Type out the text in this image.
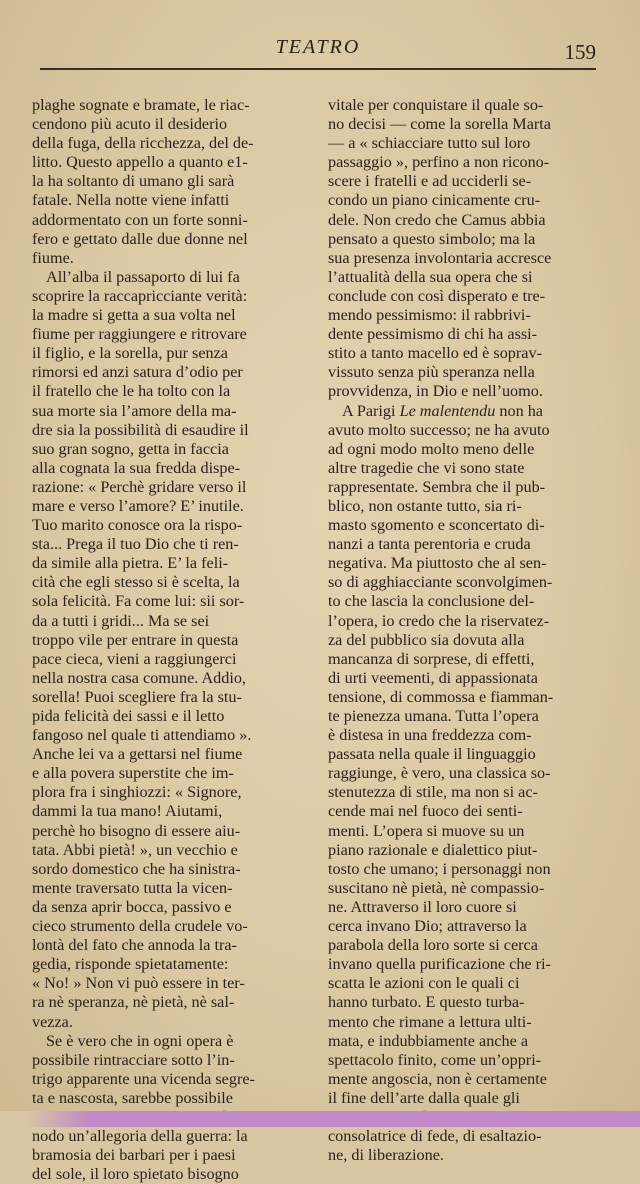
TEATRO	159
plaghe sognate e bramate, le riac-
cendono più acuto il desiderio
della fuga, della ricchezza, del de-
litto. Questo appello a quanto e1-
la ha soltanto di umano gli sarà
fatale. Nella notte viene infatti
addormentato con un forte sonni-
fero e gettato dalle due donne nel
fiume.
All’alba il passaporto di lui fa
scoprire la raccapricciante verità:
la madre si getta a sua volta nel
fiume per raggiungere e ritrovare
il figlio, e la sorella, pur senza
rimorsi ed anzi satura d’odio per
il fratello che le ha tolto con la
sua morte sia l’amore della ma-
dre sia la possibilità di esaudire il
suo gran sogno, getta in faccia
alla cognata la sua fredda dispe-
razione: « Perchè gridare verso il
mare e verso l’amore? E’ inutile.
Tuo marito conosce ora la rispo-
sta... Prega il tuo Dio che ti ren-
da simile alla pietra. E’ la feli-
cità che egli stesso si è scelta, la
sola felicità. Fa come lui: sii sor-
da a tutti i gridi... Ma se sei
troppo vile per entrare in questa
pace cieca, vieni a raggiungerci
nella nostra casa comune. Addio,
sorella! Puoi scegliere fra la stu-
pida felicità dei sassi e il letto
fangoso nel quale ti attendiamo ».
Anche lei va a gettarsi nel fiume
e alla povera superstite che im-
plora fra i singhiozzi: « Signore,
dammi la tua mano! Aiutami,
perchè ho bisogno di essere aiu-
tata. Abbi pietà! », un vecchio e
sordo domestico che ha sinistra-
mente traversato tutta la vicen-
da senza aprir bocca, passivo e
cieco strumento della crudele vo-
lontà del fato che annoda la tra-
gedia, risponde spietatamente:
« No! » Non vi può essere in ter-
ra nè speranza, nè pietà, nè sal-
vezza.
Se è vero che in ogni opera è
possibile rintracciare sotto l’in-
trigo apparente una vicenda segre-
ta e nascosta, sarebbe possibile
nodo un’allegoria della guerra: la
bramosia dei barbari per i paesi
del sole, il loro spietato bisogno
vitale per conquistare il quale so-
no decisi — come la sorella Marta
— a « schiacciare tutto sul loro
passaggio », perfino a non ricono-
scere i fratelli e ad ucciderli se-
condo un piano cinicamente cru-
dele. Non credo che Camus abbia
pensato a questo simbolo; ma la
sua presenza involontaria accresce
l’attualità della sua opera che si
conclude con così disperato e tre-
mendo pessimismo: il rabbrivi-
dente pessimismo di chi ha assi-
stito a tanto macello ed è soprav-
vissuto senza più speranza nella
provvidenza, in Dio e nell’uomo.
A Parigi Le malentendu non ha
avuto molto successo; ne ha avuto
ad ogni modo molto meno delle
altre tragedie che vi sono state
rappresentate. Sembra che il pub-
blico, non ostante tutto, sia ri-
masto sgomento e sconcertato di-
nanzi a tanta perentoria e cruda
negativa. Ma piuttosto che al sen-
so di agghiacciante sconvolgimen-
to che lascia la conclusione del-
l’opera, io credo che la riservatez-
za del pubblico sia dovuta alla
mancanza di sorprese, di effetti,
di urti veementi, di appassionata
tensione, di commossa e fiamman-
te pienezza umana. Tutta l’opera
è distesa in una freddezza com-
passata nella quale il linguaggio
raggiunge, è vero, una classica so-
stenutezza di stile, ma non si ac-
cende mai nel fuoco dei senti-
menti. L’opera si muove su un
piano razionale e dialettico piut-
tosto che umano; i personaggi non
suscitano nè pietà, nè compassio-
ne. Attraverso il loro cuore si
cerca invano Dio; attraverso la
parabola della loro sorte si cerca
invano quella purificazione che ri-
scatta le azioni con le quali ci
hanno turbato. E questo turba-
mento che rimane a lettura ulti-
mata, e indubbiamente anche a
spettacolo finito, come un’oppri-
mente angoscia, non è certamente
il fine dell’arte dalla quale gli
consolatrice di fede, di esaltazio-
ne, di liberazione.
